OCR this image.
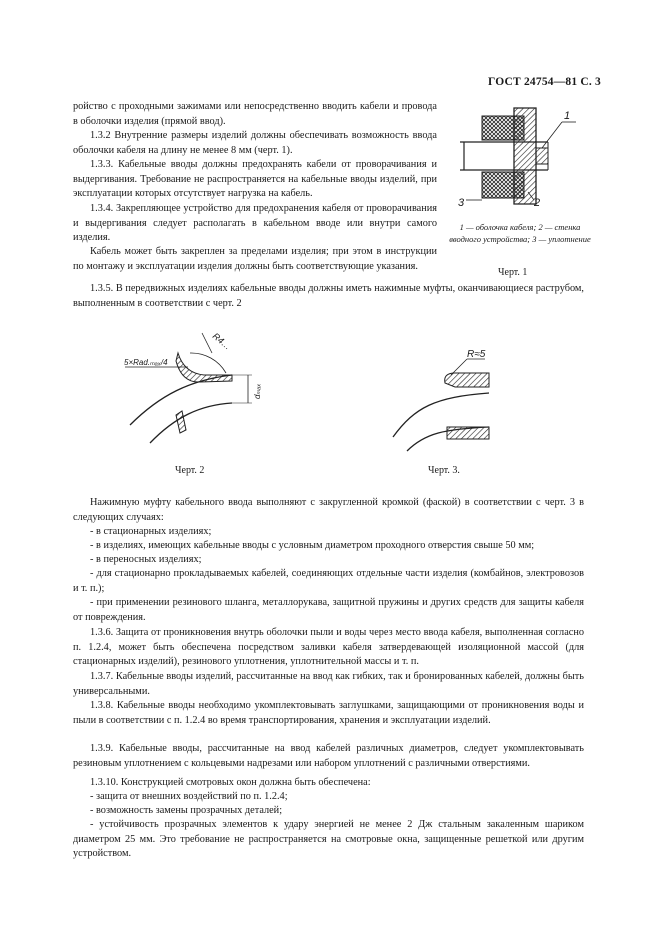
ГОСТ 24754—81 С. 3

ройство с проходными зажимами или непосредственно вводить кабели и провода в оболочки изделия (прямой ввод).

1.3.2 Внутренние размеры изделий должны обеспечивать возможность ввода оболочки кабеля на длину не менее 8 мм (черт. 1).

1.3.3. Кабельные вводы должны предохранять кабели от проворачивания и выдергивания. Требование не распространяется на кабельные вводы изделий, при эксплуатации которых отсутствует нагрузка на кабель.

1.3.4. Закрепляющее устройство для предохранения кабеля от проворачивания и выдергивания следует располагать в кабельном вводе или внутри самого изделия.

Кабель может быть закреплен за пределами изделия; при этом в инструкции по монтажу и эксплуатации изделия должны быть соответствующие указания.

1.3.5. В передвижных изделиях кабельные вводы должны иметь нажимные муфты, оканчивающиеся раструбом, выполненным в соответствии с черт. 2

1
2
3
1 — оболочка кабеля; 2 — стенка вводного устройства; 3 — уплотнение
Черт. 1
R4…
5×Rad.ₘₐₓ/4
dₘₐₓ
Черт. 2
R≈5
Черт. 3.

Нажимную муфту кабельного ввода выполняют с закругленной кромкой (фаской) в соответствии с черт. 3 в следующих случаях:

- в стационарных изделиях;

- в изделиях, имеющих кабельные вводы с условным диаметром проходного отверстия свыше 50 мм;

- в переносных изделиях;

- для стационарно прокладываемых кабелей, соединяющих отдельные части изделия (комбайнов, электровозов и т. п.);

- при применении резинового шланга, металлорукава, защитной пружины и других средств для защиты кабеля от повреждения.

1.3.6. Защита от проникновения внутрь оболочки пыли и воды через место ввода кабеля, выполненная согласно п. 1.2.4, может быть обеспечена посредством заливки кабеля затвердевающей изоляционной массой (для стационарных изделий), резинового уплотнения, уплотнительной массы и т. п.

1.3.7. Кабельные вводы изделий, рассчитанные на ввод как гибких, так и бронированных кабелей, должны быть универсальными.

1.3.8. Кабельные вводы необходимо укомплектовывать заглушками, защищающими от проникновения воды и пыли в соответствии с п. 1.2.4 во время транспортирования, хранения и эксплуатации изделий.

1.3.9. Кабельные вводы, рассчитанные на ввод кабелей различных диаметров, следует укомплектовывать резиновым уплотнением с кольцевыми надрезами или набором уплотнений с различными отверстиями.

1.3.10. Конструкцией смотровых окон должна быть обеспечена:

- защита от внешних воздействий по п. 1.2.4;

- возможность замены прозрачных деталей;

- устойчивость прозрачных элементов к удару энергией не менее 2 Дж стальным закаленным шариком диаметром 25 мм. Это требование не распространяется на смотровые окна, защищенные решеткой или другим устройством.
